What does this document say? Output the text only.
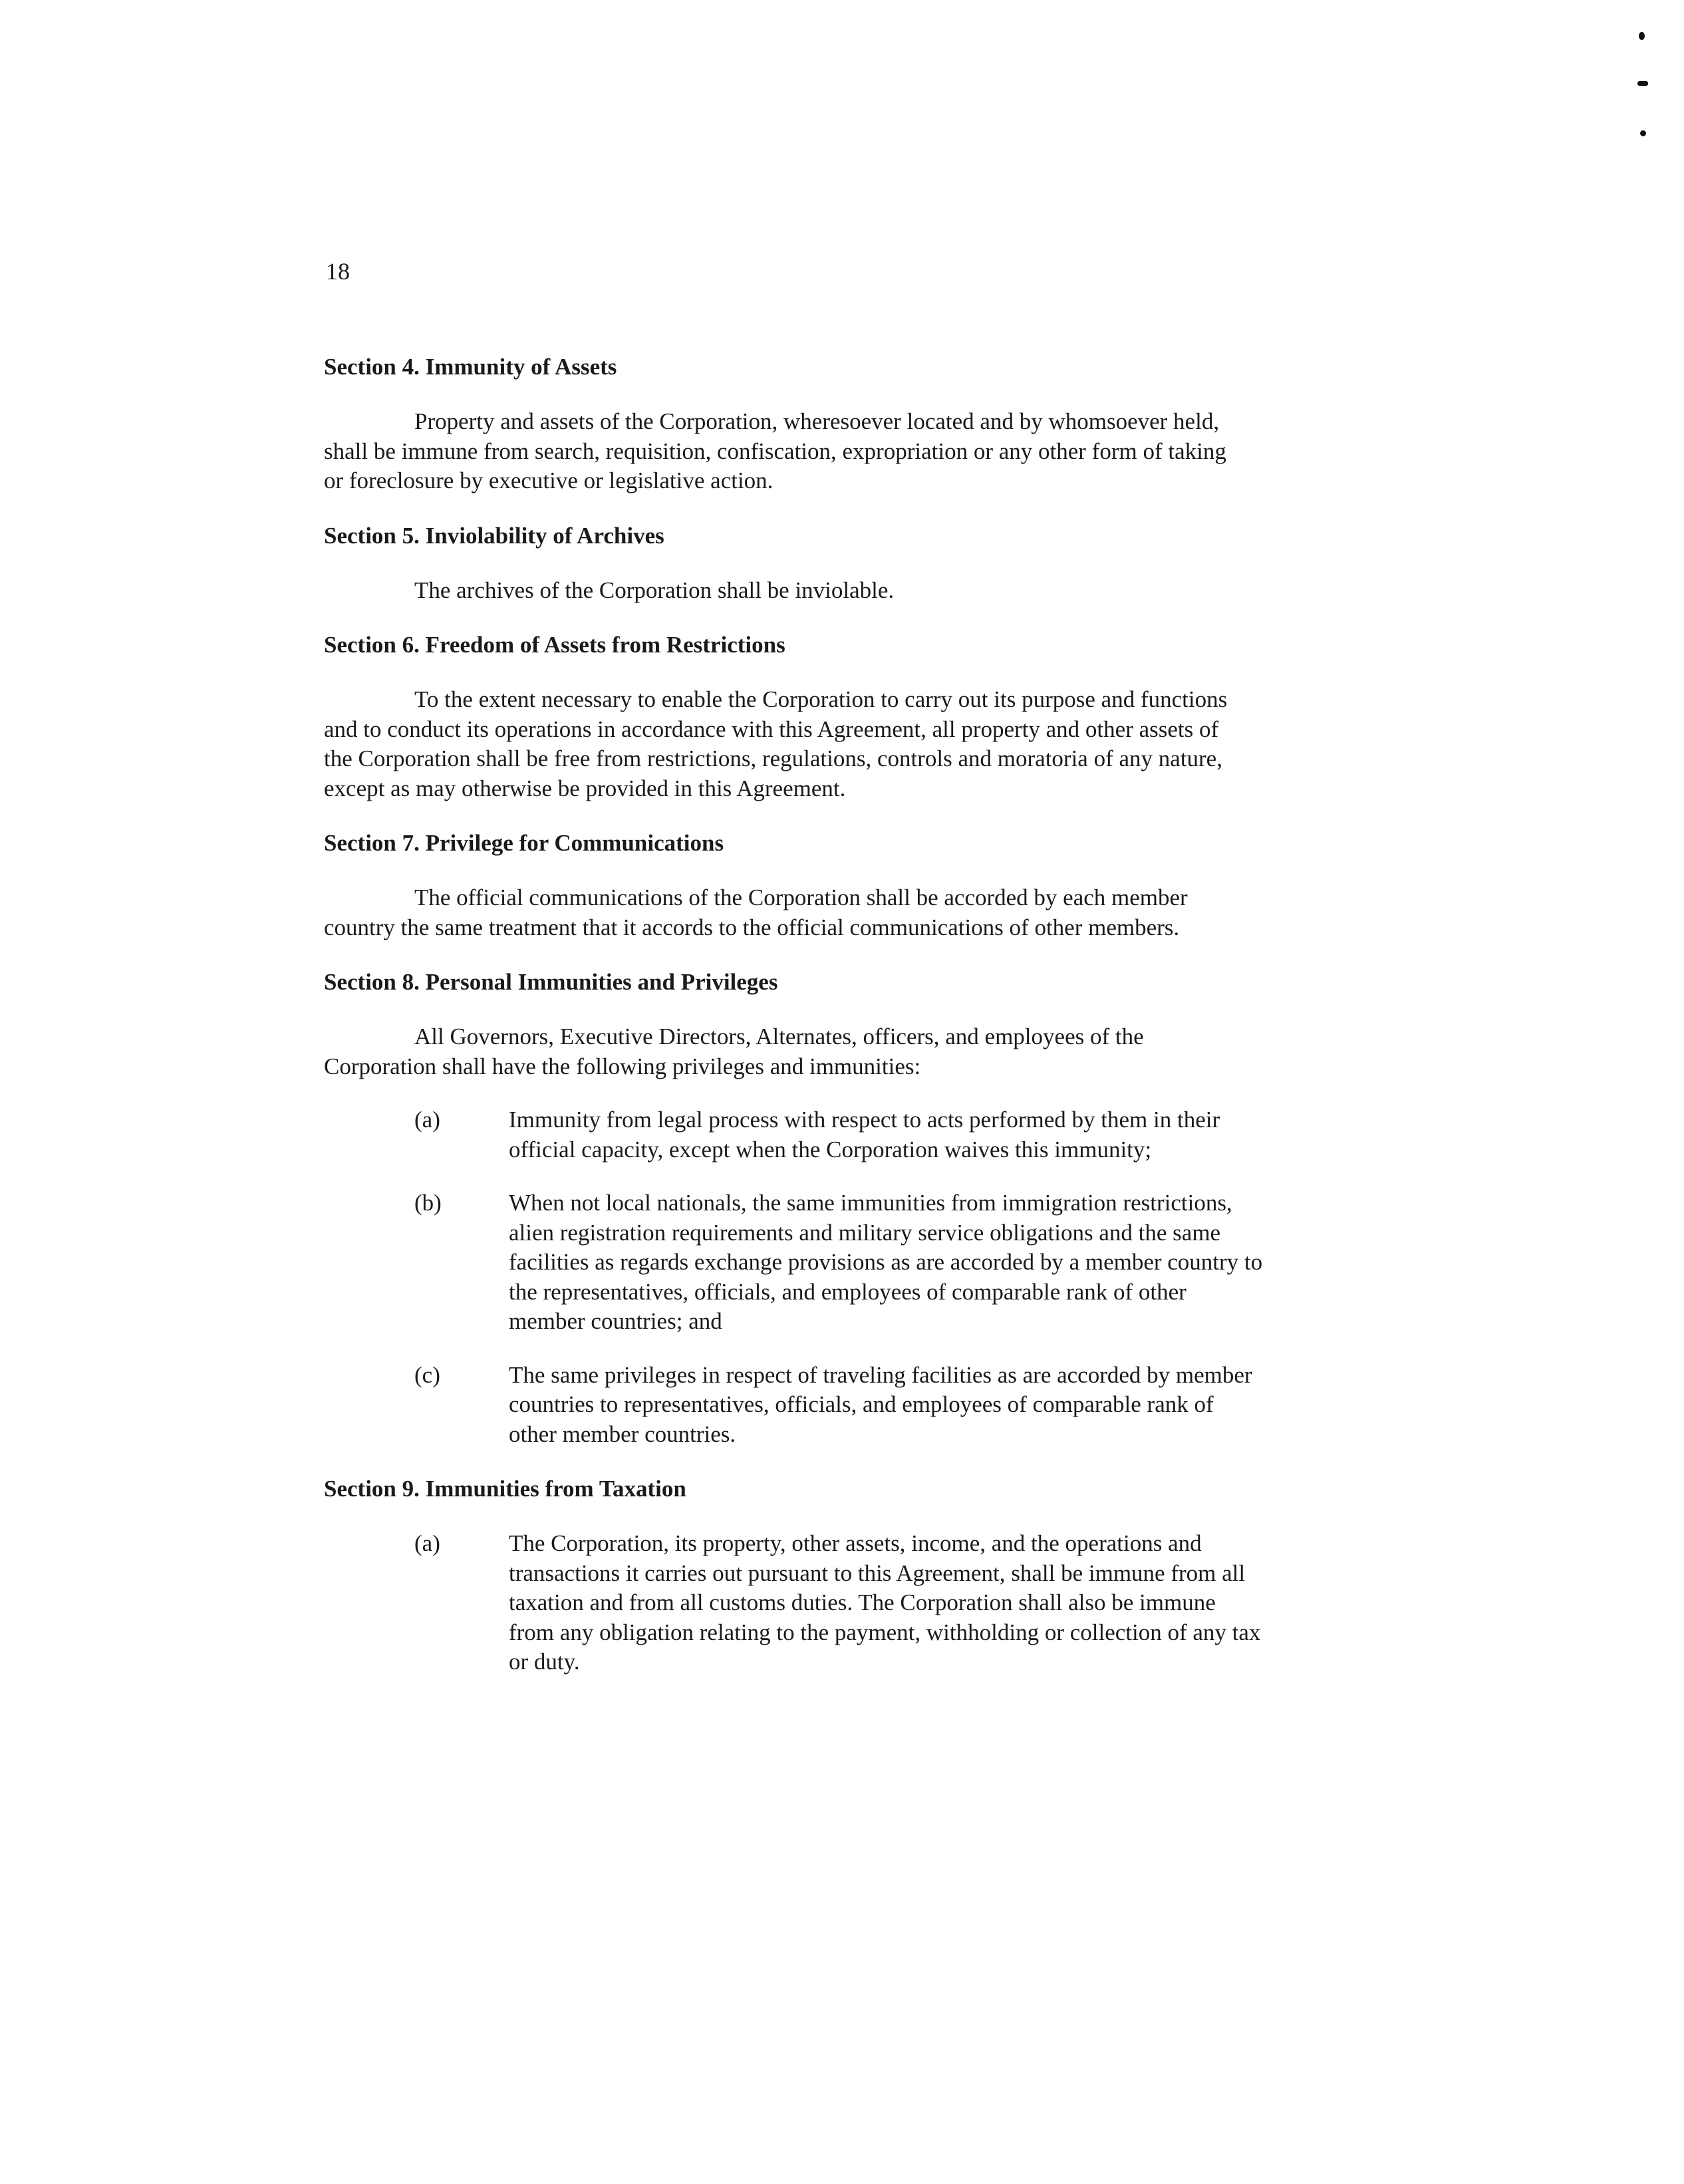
18
Section 4. Immunity of Assets

Property and assets of the Corporation, wheresoever located and by whomsoever held,
shall be immune from search, requisition, confiscation, expropriation or any other form of taking
or foreclosure by executive or legislative action.

Section 5. Inviolability of Archives

The archives of the Corporation shall be inviolable.

Section 6. Freedom of Assets from Restrictions

To the extent necessary to enable the Corporation to carry out its purpose and functions
and to conduct its operations in accordance with this Agreement, all property and other assets of
the Corporation shall be free from restrictions, regulations, controls and moratoria of any nature,
except as may otherwise be provided in this Agreement.

Section 7. Privilege for Communications

The official communications of the Corporation shall be accorded by each member
country the same treatment that it accords to the official communications of other members.

Section 8. Personal Immunities and Privileges

All Governors, Executive Directors, Alternates, officers, and employees of the
Corporation shall have the following privileges and immunities:

(a)	Immunity from legal process with respect to acts performed by them in their
official capacity, except when the Corporation waives this immunity;
(b)	When not local nationals, the same immunities from immigration restrictions,
alien registration requirements and military service obligations and the same
facilities as regards exchange provisions as are accorded by a member country to
the representatives, officials, and employees of comparable rank of other
member countries; and
(c)	The same privileges in respect of traveling facilities as are accorded by member
countries to representatives, officials, and employees of comparable rank of
other member countries.
Section 9. Immunities from Taxation
(a)	The Corporation, its property, other assets, income, and the operations and
transactions it carries out pursuant to this Agreement, shall be immune from all
taxation and from all customs duties. The Corporation shall also be immune
from any obligation relating to the payment, withholding or collection of any tax
or duty.
